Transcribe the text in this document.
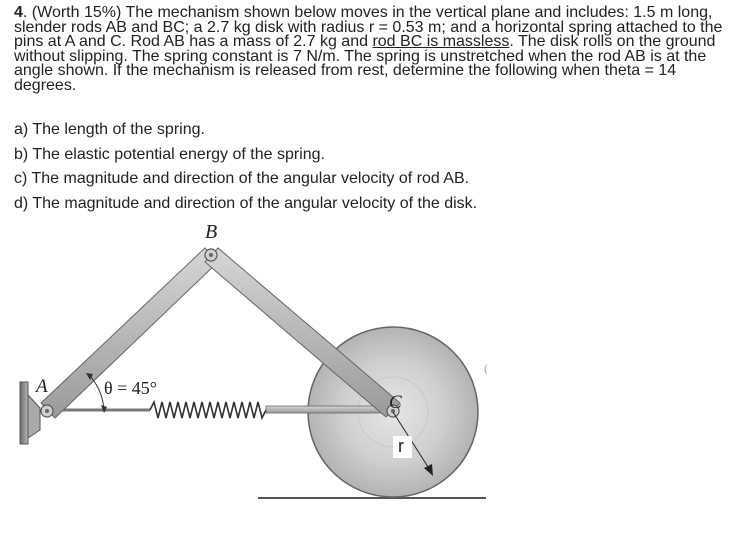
4. (Worth 15%) The mechanism shown below moves in the vertical plane and includes: 1.5 m long, slender rods AB and BC; a 2.7 kg disk with radius r = 0.53 m; and a horizontal spring attached to the pins at A and C. Rod AB has a mass of 2.7 kg and rod BC is massless. The disk rolls on the ground without slipping. The spring constant is 7 N/m. The spring is unstretched when the rod AB is at the angle shown. If the mechanism is released from rest, determine the following when theta = 14 degrees.
a) The length of the spring.
b) The elastic potential energy of the spring.
c) The magnitude and direction of the angular velocity of rod AB.
d) The magnitude and direction of the angular velocity of the disk.
B
A
C
r
θ = 45°
(
